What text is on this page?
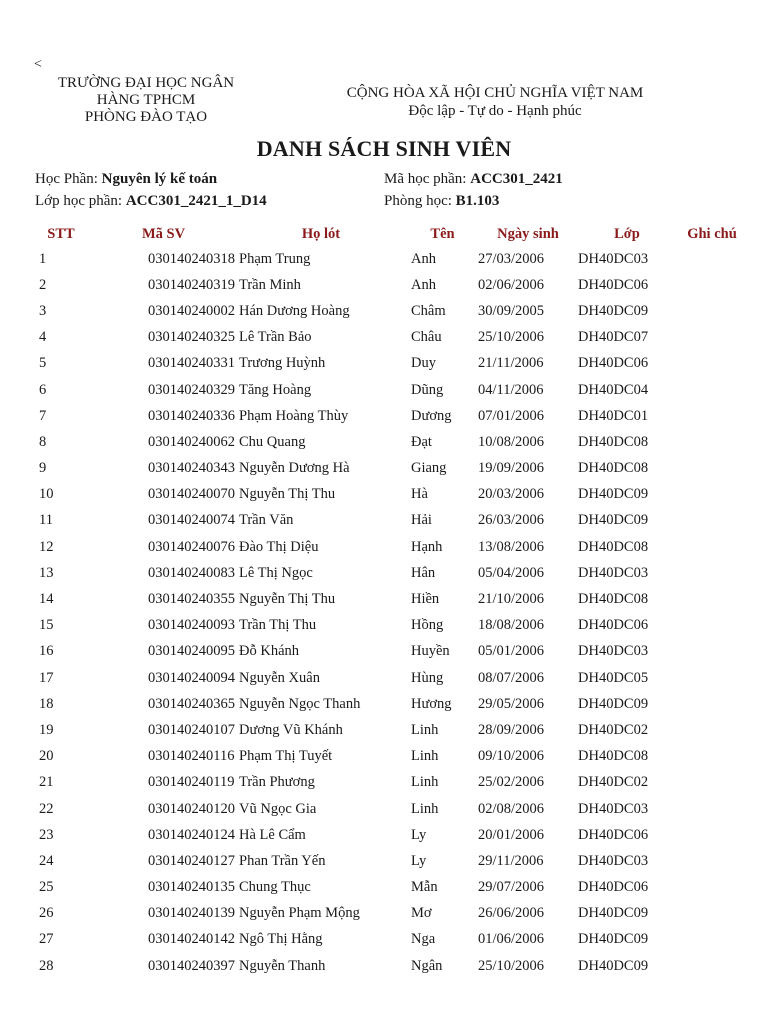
<
TRƯỜNG ĐẠI HỌC NGÂN
HÀNG TPHCM
PHÒNG ĐÀO TẠO
CỘNG HÒA XÃ HỘI CHỦ NGHĨA VIỆT NAM
Độc lập - Tự do - Hạnh phúc
DANH SÁCH SINH VIÊN
Học Phần: Nguyên lý kế toán	Mã học phần: ACC301_2421
Lớp học phần: ACC301_2421_1_D14	Phòng học: B1.103
STT	Mã SV	Họ lót	Tên	Ngày sinh	Lớp	Ghi chú
1	030140240318	Phạm Trung	Anh	27/03/2006	DH40DC03	
2	030140240319	Trần Minh	Anh	02/06/2006	DH40DC06	
3	030140240002	Hán Dương Hoàng	Châm	30/09/2005	DH40DC09	
4	030140240325	Lê Trần Bảo	Châu	25/10/2006	DH40DC07	
5	030140240331	Trương Huỳnh	Duy	21/11/2006	DH40DC06	
6	030140240329	Tăng Hoàng	Dũng	04/11/2006	DH40DC04	
7	030140240336	Phạm Hoàng Thùy	Dương	07/01/2006	DH40DC01	
8	030140240062	Chu Quang	Đạt	10/08/2006	DH40DC08	
9	030140240343	Nguyễn Dương Hà	Giang	19/09/2006	DH40DC08	
10	030140240070	Nguyễn Thị Thu	Hà	20/03/2006	DH40DC09	
11	030140240074	Trần Văn	Hải	26/03/2006	DH40DC09	
12	030140240076	Đào Thị Diệu	Hạnh	13/08/2006	DH40DC08	
13	030140240083	Lê Thị Ngọc	Hân	05/04/2006	DH40DC03	
14	030140240355	Nguyễn Thị Thu	Hiền	21/10/2006	DH40DC08	
15	030140240093	Trần Thị Thu	Hồng	18/08/2006	DH40DC06	
16	030140240095	Đỗ Khánh	Huyền	05/01/2006	DH40DC03	
17	030140240094	Nguyễn Xuân	Hùng	08/07/2006	DH40DC05	
18	030140240365	Nguyễn Ngọc Thanh	Hương	29/05/2006	DH40DC09	
19	030140240107	Dương Vũ Khánh	Linh	28/09/2006	DH40DC02	
20	030140240116	Phạm Thị Tuyết	Linh	09/10/2006	DH40DC08	
21	030140240119	Trần Phương	Linh	25/02/2006	DH40DC02	
22	030140240120	Vũ Ngọc Gia	Linh	02/08/2006	DH40DC03	
23	030140240124	Hà Lê Cẩm	Ly	20/01/2006	DH40DC06	
24	030140240127	Phan Trần Yến	Ly	29/11/2006	DH40DC03	
25	030140240135	Chung Thục	Mẫn	29/07/2006	DH40DC06	
26	030140240139	Nguyễn Phạm Mộng	Mơ	26/06/2006	DH40DC09	
27	030140240142	Ngô Thị Hằng	Nga	01/06/2006	DH40DC09	
28	030140240397	Nguyễn Thanh	Ngân	25/10/2006	DH40DC09	
